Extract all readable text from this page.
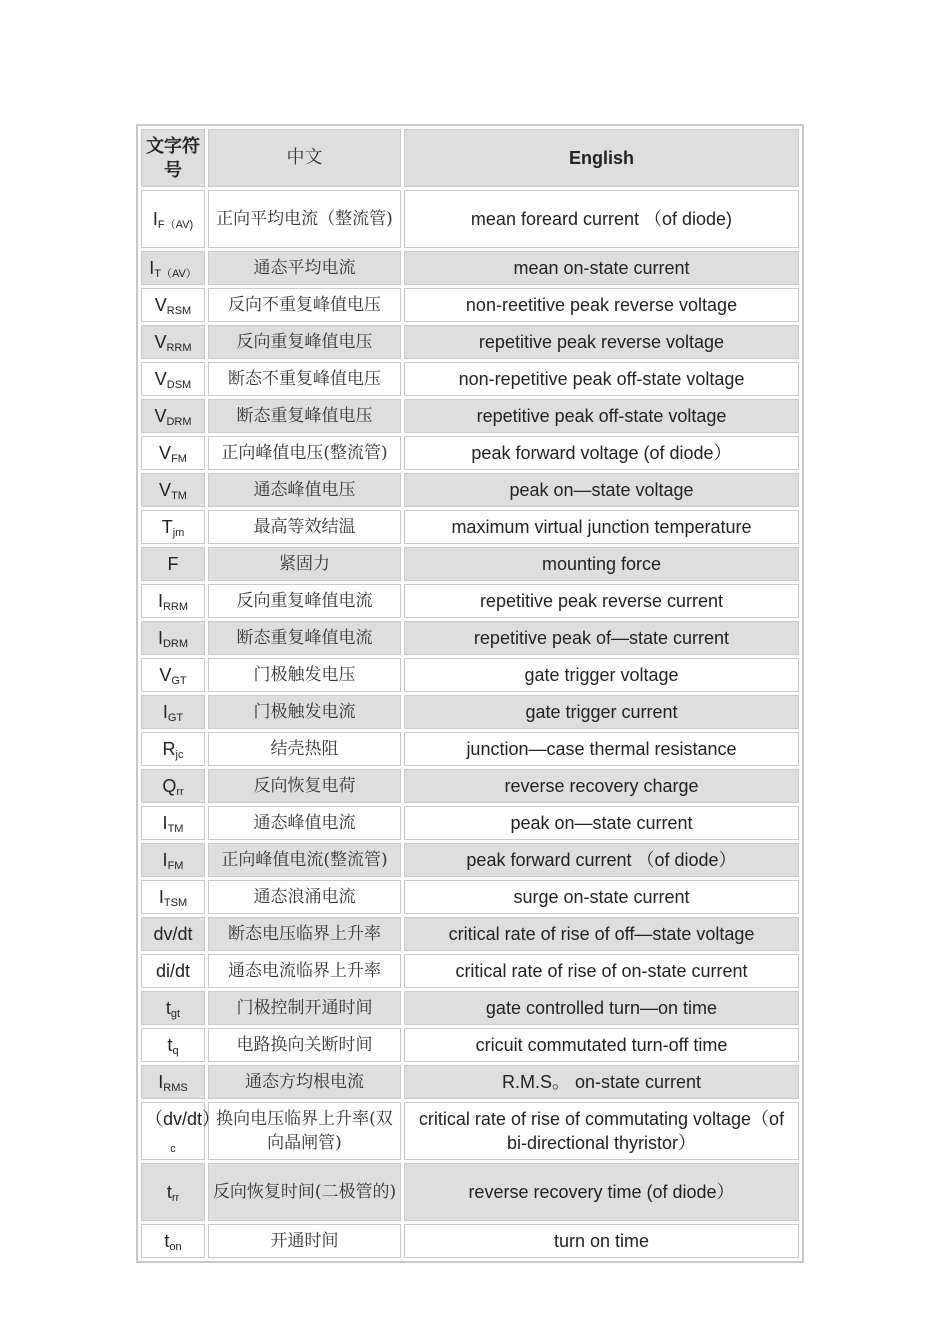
文字符号	中文	English
$I_{F(AV)}$	正向平均电流（整流管)	mean foreard current （of diode)
$I_{T(AV)}$	通态平均电流	mean on-state current
$V_{RSM}$	反向不重复峰值电压	non-reetitive peak reverse voltage
$V_{RRM}$	反向重复峰值电压	repetitive peak reverse voltage
$V_{DSM}$	断态不重复峰值电压	non-repetitive peak off-state voltage
$V_{DRM}$	断态重复峰值电压	repetitive peak off-state voltage
$V_{FM}$	正向峰值电压(整流管)	peak forward voltage (of diode）
$V_{TM}$	通态峰值电压	peak on—state voltage
$T_{jm}$	最高等效结温	maximum virtual junction temperature
F	紧固力	mounting force
$I_{RRM}$	反向重复峰值电流	repetitive peak reverse current
$I_{DRM}$	断态重复峰值电流	repetitive peak of—state current
$V_{GT}$	门极触发电压	gate trigger voltage
$I_{GT}$	门极触发电流	gate trigger current
$R_{jc}$	结壳热阻	junction—case thermal resistance
$Q_{rr}$	反向恢复电荷	reverse recovery charge
$I_{TM}$	通态峰值电流	peak on—state current
$I_{FM}$	正向峰值电流(整流管)	peak forward current （of diode）
$I_{TSM}$	通态浪涌电流	surge on-state current
dv/dt	断态电压临界上升率	critical rate of rise of off—state voltage
di/dt	通态电流临界上升率	critical rate of rise of on-state current
$t_{gt}$	门极控制开通时间	gate controlled turn—on time
$t_q$	电路换向关断时间	cricuit commutated turn-off time
$I_{RMS}$	通态方均根电流	R.M.S。 on-state current
$(dv/dt)_c$	换向电压临界上升率(双向晶闸管)	critical rate of rise of commutating voltage（of bi-directional thyristor）
$t_{rr}$	反向恢复时间(二极管的)	reverse recovery time (of diode）
$t_{on}$	开通时间	turn on time
